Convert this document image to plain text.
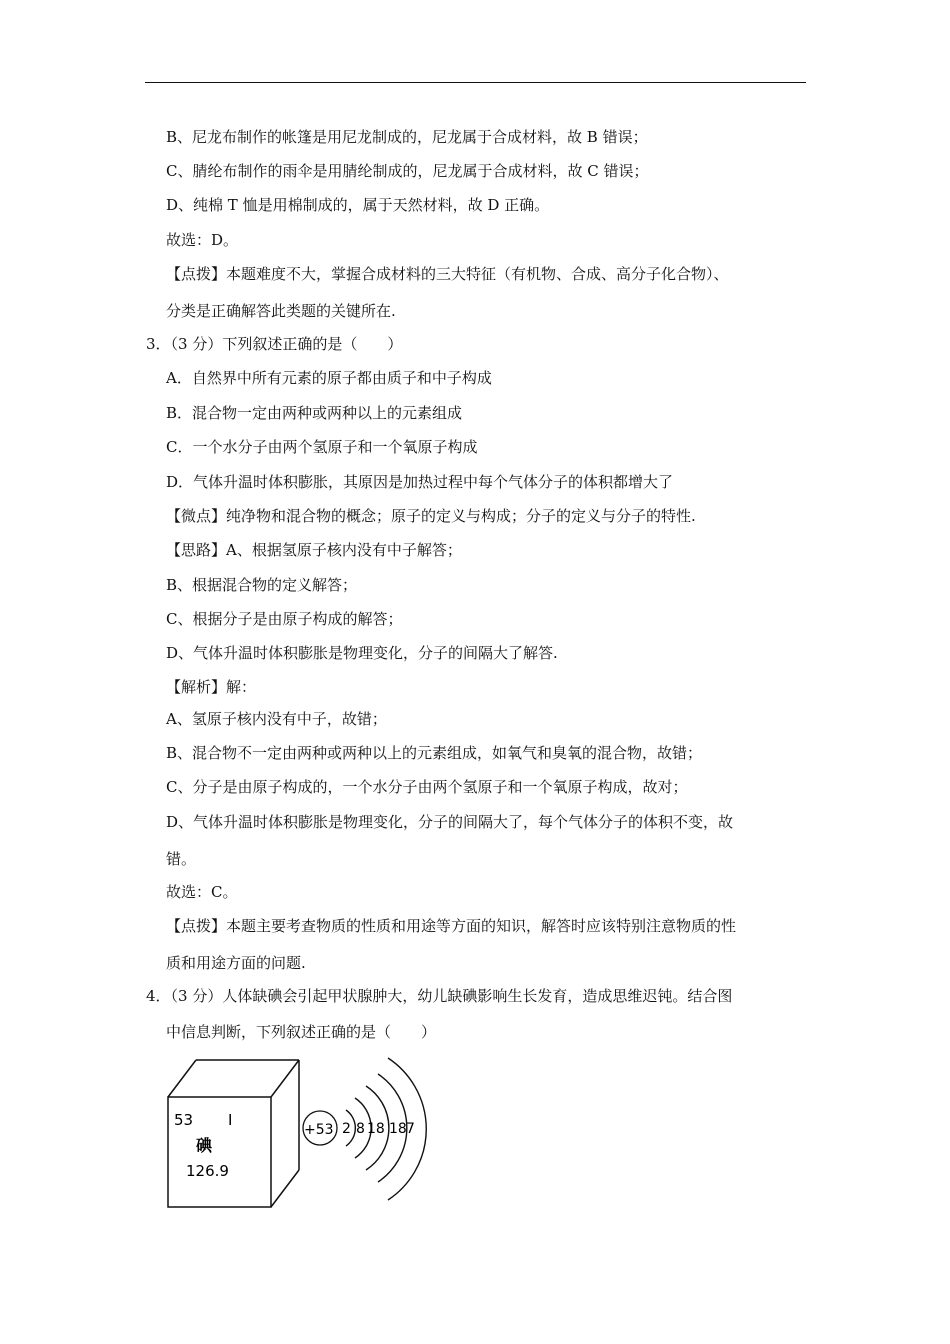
B、尼龙布制作的帐篷是用尼龙制成的，尼龙属于合成材料，故 B 错误；
C、腈纶布制作的雨伞是用腈纶制成的，尼龙属于合成材料，故 C 错误；
D、纯棉 T 恤是用棉制成的，属于天然材料，故 D 正确。
故选：D。
【点拨】本题难度不大，掌握合成材料的三大特征（有机物、合成、高分子化合物）、
分类是正确解答此类题的关键所在.
3．（3 分）下列叙述正确的是（　　）
A．自然界中所有元素的原子都由质子和中子构成
B．混合物一定由两种或两种以上的元素组成
C．一个水分子由两个氢原子和一个氧原子构成
D．气体升温时体积膨胀，其原因是加热过程中每个气体分子的体积都增大了
【微点】纯净物和混合物的概念；原子的定义与构成；分子的定义与分子的特性.
【思路】A、根据氢原子核内没有中子解答；
B、根据混合物的定义解答；
C、根据分子是由原子构成的解答；
D、气体升温时体积膨胀是物理变化，分子的间隔大了解答.
【解析】解：
A、氢原子核内没有中子，故错；
B、混合物不一定由两种或两种以上的元素组成，如氧气和臭氧的混合物，故错；
C、分子是由原子构成的，一个水分子由两个氢原子和一个氧原子构成，故对；
D、气体升温时体积膨胀是物理变化，分子的间隔大了，每个气体分子的体积不变，故
错。
故选：C。
【点拨】本题主要考查物质的性质和用途等方面的知识，解答时应该特别注意物质的性
质和用途方面的问题.
4．（3 分）人体缺碘会引起甲状腺肿大，幼儿缺碘影响生长发育，造成思维迟钝。结合图
中信息判断，下列叙述正确的是（　　）
53 I
碘
126.9
+53 2 8 18 18 7
